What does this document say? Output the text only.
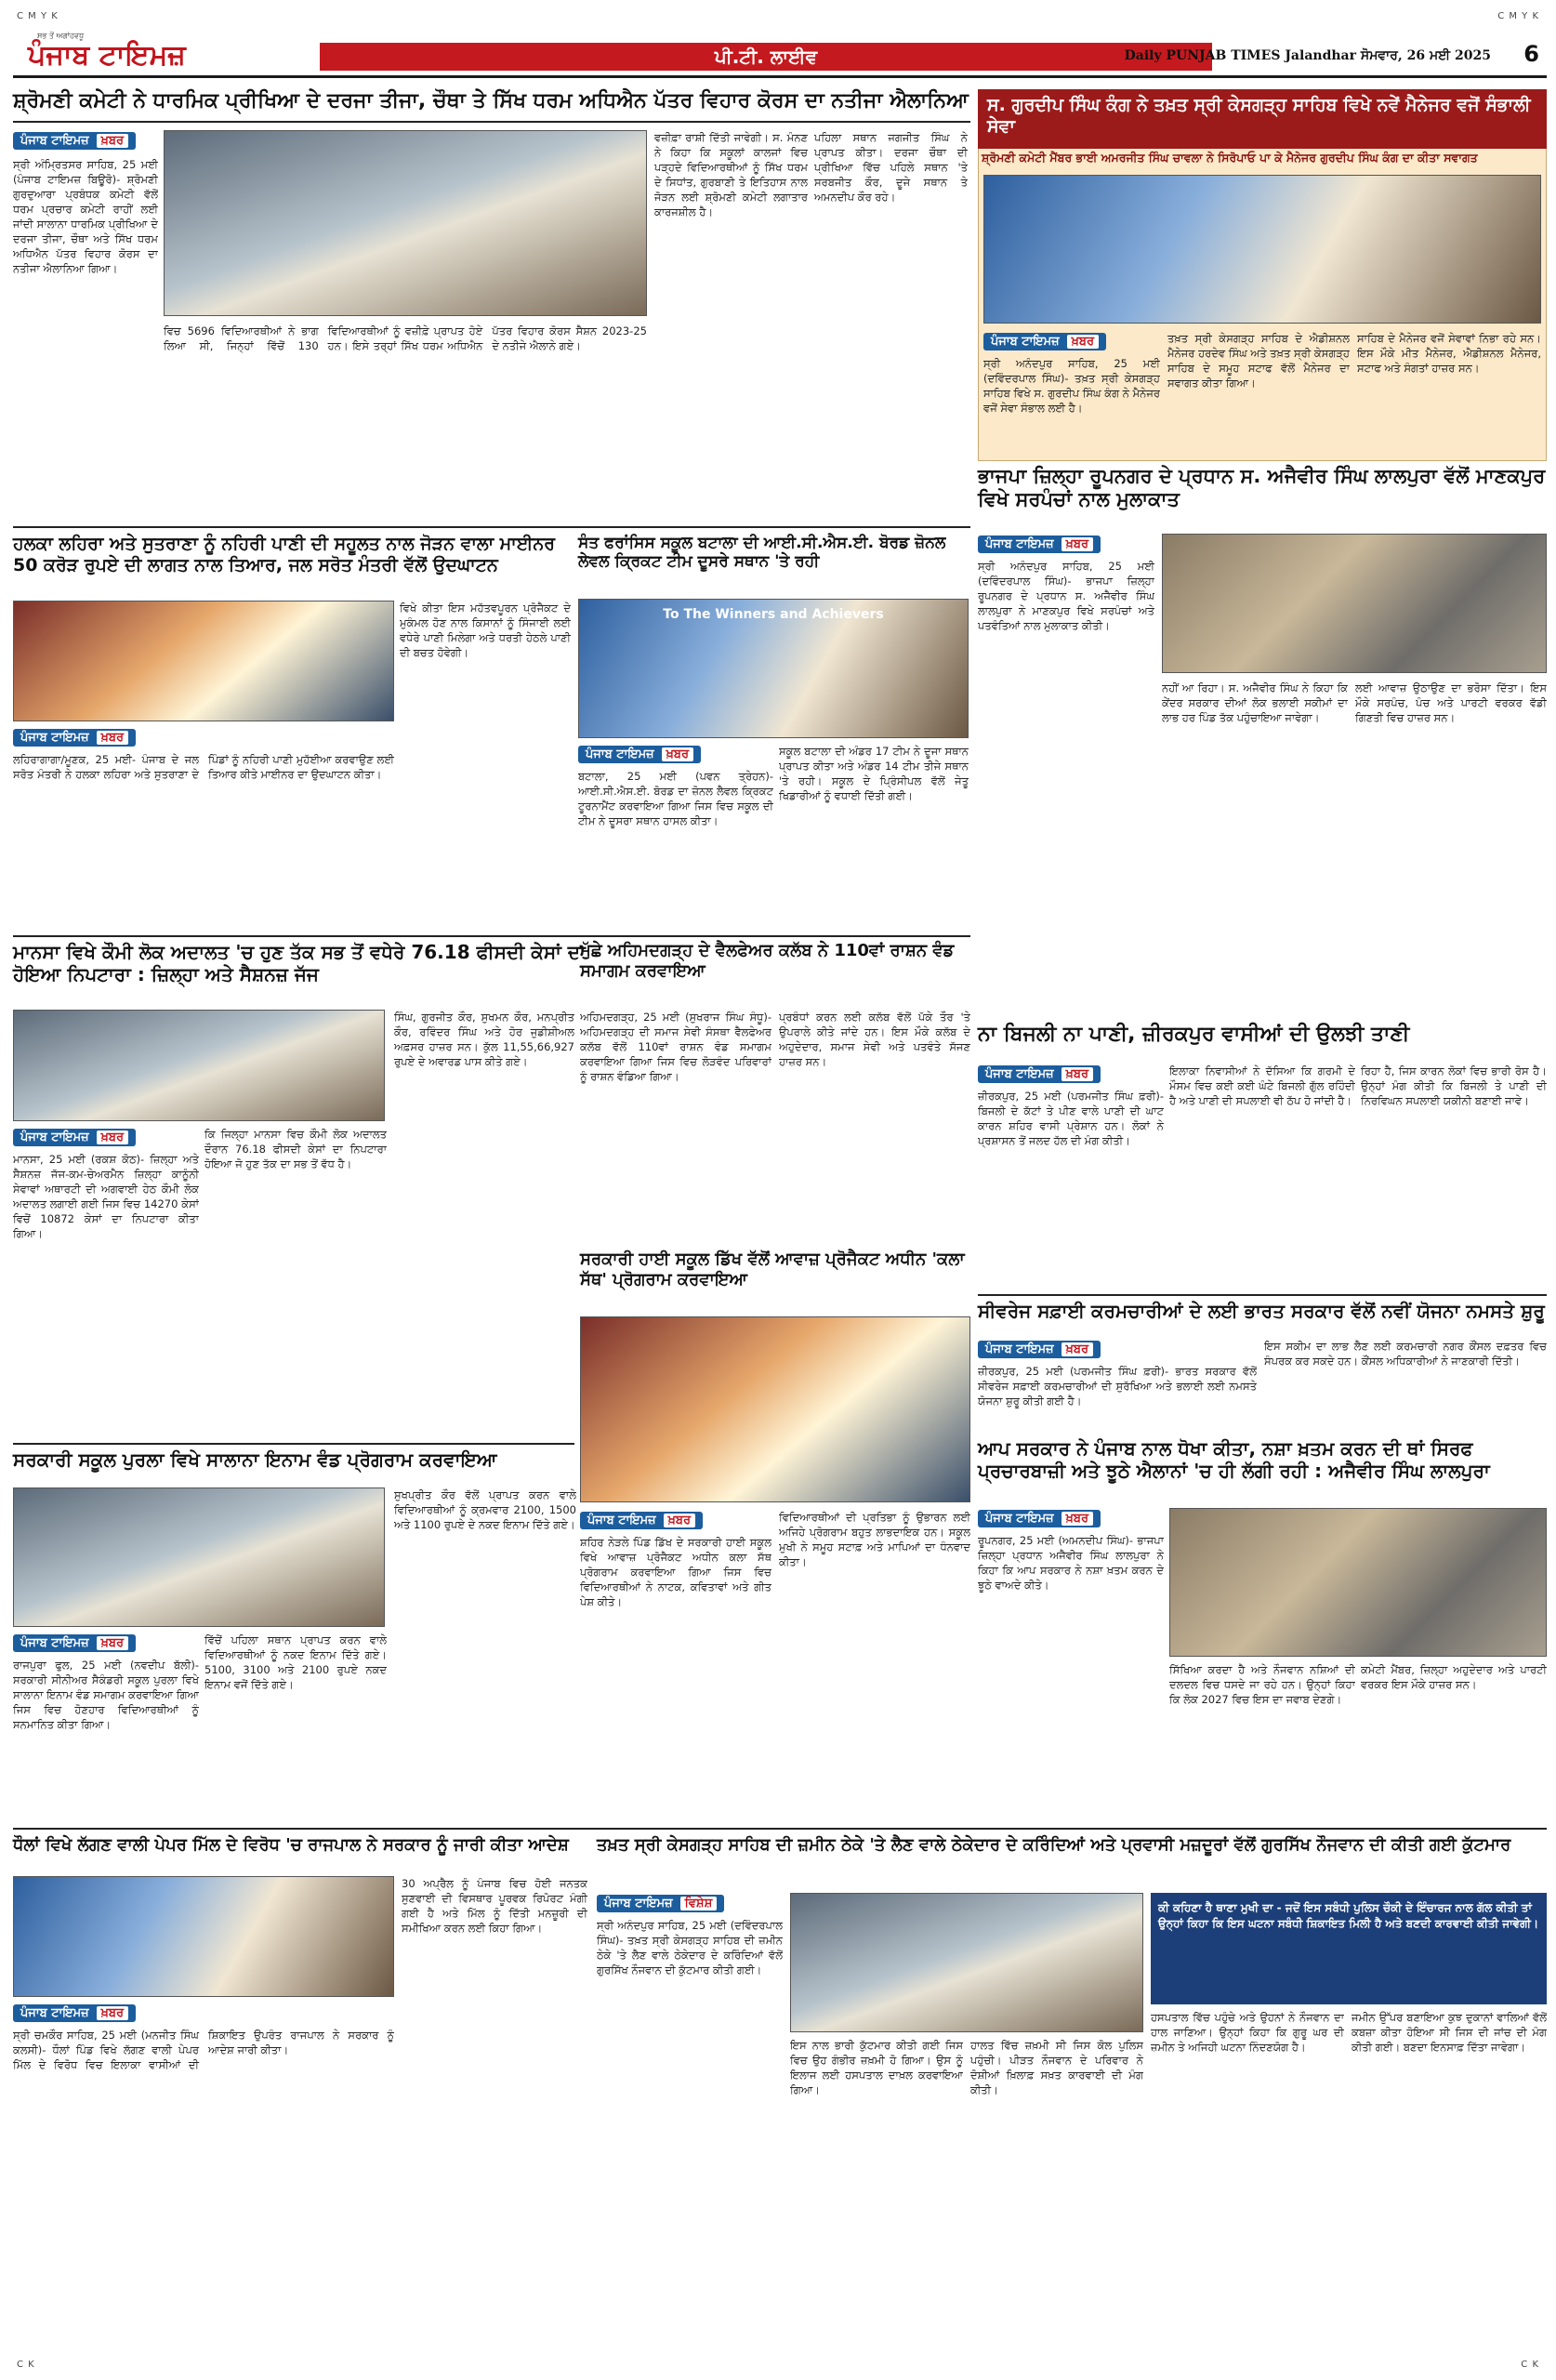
C M Y K	C M Y K
C K	C K
ਸਭ ਤੋਂ ਅਗਾਂਹਵਧੂ
ਪੰਜਾਬ ਟਾਇਮਜ਼	ਪੀ.ਟੀ. ਲਾਈਵ	Daily PUNJAB TIMES Jalandhar ਸੋਮਵਾਰ, 26 ਮਈ 2025 6
ਸ਼੍ਰੋਮਣੀ ਕਮੇਟੀ ਨੇ ਧਾਰਮਿਕ ਪ੍ਰੀਖਿਆ ਦੇ ਦਰਜਾ ਤੀਜਾ, ਚੌਥਾ ਤੇ ਸਿੱਖ ਧਰਮ ਅਧਿਐਨ ਪੱਤਰ ਵਿਹਾਰ ਕੋਰਸ ਦਾ ਨਤੀਜਾ ਐਲਾਨਿਆ
ਪੰਜਾਬ ਟਾਇਮਜ਼	ਖ਼ਬਰ
ਸ੍ਰੀ ਅੰਮ੍ਰਿਤਸਰ ਸਾਹਿਬ, 25 ਮਈ (ਪੰਜਾਬ ਟਾਇਮਜ਼ ਬਿਊਰੋ)- ਸ਼੍ਰੋਮਣੀ ਗੁਰਦੁਆਰਾ ਪ੍ਰਬੰਧਕ ਕਮੇਟੀ ਵੱਲੋਂ ਧਰਮ ਪ੍ਰਚਾਰ ਕਮੇਟੀ ਰਾਹੀਂ ਲਈ ਜਾਂਦੀ ਸਾਲਾਨਾ ਧਾਰਮਿਕ ਪ੍ਰੀਖਿਆ ਦੇ ਦਰਜਾ ਤੀਜਾ, ਚੌਥਾ ਅਤੇ ਸਿੱਖ ਧਰਮ ਅਧਿਐਨ ਪੱਤਰ ਵਿਹਾਰ ਕੋਰਸ ਦਾ ਨਤੀਜਾ ਐਲਾਨਿਆ ਗਿਆ।
ਵਿਚ 5696 ਵਿਦਿਆਰਥੀਆਂ ਨੇ ਭਾਗ ਲਿਆ ਸੀ, ਜਿਨ੍ਹਾਂ ਵਿੱਚੋਂ 130 ਵਿਦਿਆਰਥੀਆਂ ਨੂੰ ਵਜ਼ੀਫ਼ੇ ਪ੍ਰਾਪਤ ਹੋਏ ਹਨ। ਇਸੇ ਤਰ੍ਹਾਂ ਸਿੱਖ ਧਰਮ ਅਧਿਐਨ ਪੱਤਰ ਵਿਹਾਰ ਕੋਰਸ ਸੈਸ਼ਨ 2023-25 ਦੇ ਨਤੀਜੇ ਐਲਾਨੇ ਗਏ।
ਵਜ਼ੀਫ਼ਾ ਰਾਸ਼ੀ ਦਿੱਤੀ ਜਾਵੇਗੀ। ਸ. ਮੰਨਣ ਨੇ ਕਿਹਾ ਕਿ ਸਕੂਲਾਂ ਕਾਲਜਾਂ ਵਿਚ ਪੜ੍ਹਦੇ ਵਿਦਿਆਰਥੀਆਂ ਨੂੰ ਸਿੱਖ ਧਰਮ ਦੇ ਸਿਧਾਂਤ, ਗੁਰਬਾਣੀ ਤੇ ਇਤਿਹਾਸ ਨਾਲ ਜੋੜਨ ਲਈ ਸ਼੍ਰੋਮਣੀ ਕਮੇਟੀ ਲਗਾਤਾਰ ਕਾਰਜਸ਼ੀਲ ਹੈ।
ਪਹਿਲਾ ਸਥਾਨ ਜਗਜੀਤ ਸਿੰਘ ਨੇ ਪ੍ਰਾਪਤ ਕੀਤਾ। ਦਰਜਾ ਚੌਥਾ ਦੀ ਪ੍ਰੀਖਿਆ ਵਿੱਚ ਪਹਿਲੇ ਸਥਾਨ 'ਤੇ ਸਰਬਜੀਤ ਕੌਰ, ਦੂਜੇ ਸਥਾਨ ਤੇ ਅਮਨਦੀਪ ਕੌਰ ਰਹੇ।
ਸ. ਗੁਰਦੀਪ ਸਿੰਘ ਕੰਗ ਨੇ ਤਖ਼ਤ ਸ੍ਰੀ ਕੇਸਗੜ੍ਹ ਸਾਹਿਬ ਵਿਖੇ ਨਵੇਂ ਮੈਨੇਜਰ ਵਜੋਂ ਸੰਭਾਲੀ ਸੇਵਾ
ਸ਼੍ਰੋਮਣੀ ਕਮੇਟੀ ਮੈਂਬਰ ਭਾਈ ਅਮਰਜੀਤ ਸਿੰਘ ਚਾਵਲਾ ਨੇ ਸਿਰੋਪਾਓ ਪਾ ਕੇ ਮੈਨੇਜਰ ਗੁਰਦੀਪ ਸਿੰਘ ਕੰਗ ਦਾ ਕੀਤਾ ਸਵਾਗਤ
ਪੰਜਾਬ ਟਾਇਮਜ਼	ਖ਼ਬਰ
ਸ੍ਰੀ ਅਨੰਦਪੁਰ ਸਾਹਿਬ, 25 ਮਈ (ਦਵਿੰਦਰਪਾਲ ਸਿੰਘ)- ਤਖ਼ਤ ਸ੍ਰੀ ਕੇਸਗੜ੍ਹ ਸਾਹਿਬ ਵਿਖੇ ਸ. ਗੁਰਦੀਪ ਸਿੰਘ ਕੰਗ ਨੇ ਮੈਨੇਜਰ ਵਜੋਂ ਸੇਵਾ ਸੰਭਾਲ ਲਈ ਹੈ।
ਤਖ਼ਤ ਸ੍ਰੀ ਕੇਸਗੜ੍ਹ ਸਾਹਿਬ ਦੇ ਐਡੀਸ਼ਨਲ ਮੈਨੇਜਰ ਹਰਦੇਵ ਸਿੰਘ ਅਤੇ ਤਖ਼ਤ ਸ੍ਰੀ ਕੇਸਗੜ੍ਹ ਸਾਹਿਬ ਦੇ ਸਮੂਹ ਸਟਾਫ ਵੱਲੋਂ ਮੈਨੇਜਰ ਦਾ ਸਵਾਗਤ ਕੀਤਾ ਗਿਆ।
ਸਾਹਿਬ ਦੇ ਮੈਨੇਜਰ ਵਜੋਂ ਸੇਵਾਵਾਂ ਨਿਭਾ ਰਹੇ ਸਨ। ਇਸ ਮੌਕੇ ਮੀਤ ਮੈਨੇਜਰ, ਐਡੀਸ਼ਨਲ ਮੈਨੇਜਰ, ਸਟਾਫ ਅਤੇ ਸੰਗਤਾਂ ਹਾਜ਼ਰ ਸਨ।
ਹਲਕਾ ਲਹਿਰਾ ਅਤੇ ਸੁਤਰਾਣਾ ਨੂੰ ਨਹਿਰੀ ਪਾਣੀ ਦੀ ਸਹੂਲਤ ਨਾਲ ਜੋੜਨ ਵਾਲਾ ਮਾਈਨਰ 50 ਕਰੋੜ ਰੁਪਏ ਦੀ ਲਾਗਤ ਨਾਲ ਤਿਆਰ, ਜਲ ਸਰੋਤ ਮੰਤਰੀ ਵੱਲੋਂ ਉਦਘਾਟਨ
ਪੰਜਾਬ ਟਾਇਮਜ਼	ਖ਼ਬਰ
ਲਹਿਰਾਗਾਗਾ/ਮੂਣਕ, 25 ਮਈ- ਪੰਜਾਬ ਦੇ ਜਲ ਸਰੋਤ ਮੰਤਰੀ ਨੇ ਹਲਕਾ ਲਹਿਰਾ ਅਤੇ ਸੁਤਰਾਣਾ ਦੇ ਪਿੰਡਾਂ ਨੂੰ ਨਹਿਰੀ ਪਾਣੀ ਮੁਹੱਈਆ ਕਰਵਾਉਣ ਲਈ ਤਿਆਰ ਕੀਤੇ ਮਾਈਨਰ ਦਾ ਉਦਘਾਟਨ ਕੀਤਾ।
ਵਿਖੇ ਕੀਤਾ ਇਸ ਮਹੱਤਵਪੂਰਨ ਪ੍ਰੋਜੈਕਟ ਦੇ ਮੁਕੰਮਲ ਹੋਣ ਨਾਲ ਕਿਸਾਨਾਂ ਨੂੰ ਸਿੰਜਾਈ ਲਈ ਵਧੇਰੇ ਪਾਣੀ ਮਿਲੇਗਾ ਅਤੇ ਧਰਤੀ ਹੇਠਲੇ ਪਾਣੀ ਦੀ ਬਚਤ ਹੋਵੇਗੀ।
ਸੰਤ ਫਰਾਂਸਿਸ ਸਕੂਲ ਬਟਾਲਾ ਦੀ ਆਈ.ਸੀ.ਐਸ.ਈ. ਬੋਰਡ ਜ਼ੋਨਲ ਲੇਵਲ ਕ੍ਰਿਕਟ ਟੀਮ ਦੂਸਰੇ ਸਥਾਨ 'ਤੇ ਰਹੀ
To The Winners and Achievers
ਪੰਜਾਬ ਟਾਇਮਜ਼	ਖ਼ਬਰ
ਬਟਾਲਾ, 25 ਮਈ (ਪਵਨ ਤ੍ਰੇਹਨ)- ਆਈ.ਸੀ.ਐਸ.ਈ. ਬੋਰਡ ਦਾ ਜ਼ੋਨਲ ਲੈਵਲ ਕ੍ਰਿਕਟ ਟੂਰਨਾਮੈਂਟ ਕਰਵਾਇਆ ਗਿਆ ਜਿਸ ਵਿਚ ਸਕੂਲ ਦੀ ਟੀਮ ਨੇ ਦੂਸਰਾ ਸਥਾਨ ਹਾਸਲ ਕੀਤਾ।
ਸਕੂਲ ਬਟਾਲਾ ਦੀ ਅੰਡਰ 17 ਟੀਮ ਨੇ ਦੂਜਾ ਸਥਾਨ ਪ੍ਰਾਪਤ ਕੀਤਾ ਅਤੇ ਅੰਡਰ 14 ਟੀਮ ਤੀਜੇ ਸਥਾਨ 'ਤੇ ਰਹੀ। ਸਕੂਲ ਦੇ ਪ੍ਰਿੰਸੀਪਲ ਵੱਲੋਂ ਜੇਤੂ ਖਿਡਾਰੀਆਂ ਨੂੰ ਵਧਾਈ ਦਿੱਤੀ ਗਈ।
ਭਾਜਪਾ ਜ਼ਿਲ੍ਹਾ ਰੂਪਨਗਰ ਦੇ ਪ੍ਰਧਾਨ ਸ. ਅਜੈਵੀਰ ਸਿੰਘ ਲਾਲਪੁਰਾ ਵੱਲੋਂ ਮਾਣਕਪੁਰ ਵਿਖੇ ਸਰਪੰਚਾਂ ਨਾਲ ਮੁਲਾਕਾਤ
ਪੰਜਾਬ ਟਾਇਮਜ਼	ਖ਼ਬਰ
ਸ੍ਰੀ ਅਨੰਦਪੁਰ ਸਾਹਿਬ, 25 ਮਈ (ਦਵਿੰਦਰਪਾਲ ਸਿੰਘ)- ਭਾਜਪਾ ਜ਼ਿਲ੍ਹਾ ਰੂਪਨਗਰ ਦੇ ਪ੍ਰਧਾਨ ਸ. ਅਜੈਵੀਰ ਸਿੰਘ ਲਾਲਪੁਰਾ ਨੇ ਮਾਣਕਪੁਰ ਵਿਖੇ ਸਰਪੰਚਾਂ ਅਤੇ ਪਤਵੰਤਿਆਂ ਨਾਲ ਮੁਲਾਕਾਤ ਕੀਤੀ।
ਨਹੀਂ ਆ ਰਿਹਾ। ਸ. ਅਜੈਵੀਰ ਸਿੰਘ ਨੇ ਕਿਹਾ ਕਿ ਕੇਂਦਰ ਸਰਕਾਰ ਦੀਆਂ ਲੋਕ ਭਲਾਈ ਸਕੀਮਾਂ ਦਾ ਲਾਭ ਹਰ ਪਿੰਡ ਤੱਕ ਪਹੁੰਚਾਇਆ ਜਾਵੇਗਾ।
ਲਈ ਆਵਾਜ਼ ਉਠਾਉਣ ਦਾ ਭਰੋਸਾ ਦਿੱਤਾ। ਇਸ ਮੌਕੇ ਸਰਪੰਚ, ਪੰਚ ਅਤੇ ਪਾਰਟੀ ਵਰਕਰ ਵੱਡੀ ਗਿਣਤੀ ਵਿਚ ਹਾਜ਼ਰ ਸਨ।
ਮਾਨਸਾ ਵਿਖੇ ਕੌਮੀ ਲੋਕ ਅਦਾਲਤ 'ਚ ਹੁਣ ਤੱਕ ਸਭ ਤੋਂ ਵਧੇਰੇ 76.18 ਫੀਸਦੀ ਕੇਸਾਂ ਦਾ ਹੋਇਆ ਨਿਪਟਾਰਾ : ਜ਼ਿਲ੍ਹਾ ਅਤੇ ਸੈਸ਼ਨਜ਼ ਜੱਜ
ਪੰਜਾਬ ਟਾਇਮਜ਼	ਖ਼ਬਰ
ਮਾਨਸਾ, 25 ਮਈ (ਰਕਸ਼ ਕੋਠ)- ਜ਼ਿਲ੍ਹਾ ਅਤੇ ਸੈਸ਼ਨਜ਼ ਜੱਜ-ਕਮ-ਚੇਅਰਮੈਨ ਜ਼ਿਲ੍ਹਾ ਕਾਨੂੰਨੀ ਸੇਵਾਵਾਂ ਅਥਾਰਟੀ ਦੀ ਅਗਵਾਈ ਹੇਠ ਕੌਮੀ ਲੋਕ ਅਦਾਲਤ ਲਗਾਈ ਗਈ ਜਿਸ ਵਿਚ 14270 ਕੇਸਾਂ ਵਿਚੋਂ 10872 ਕੇਸਾਂ ਦਾ ਨਿਪਟਾਰਾ ਕੀਤਾ ਗਿਆ।
ਕਿ ਜਿਲ੍ਹਾ ਮਾਨਸਾ ਵਿਚ ਕੌਮੀ ਲੋਕ ਅਦਾਲਤ ਦੌਰਾਨ 76.18 ਫੀਸਦੀ ਕੇਸਾਂ ਦਾ ਨਿਪਟਾਰਾ ਹੋਇਆ ਜੋ ਹੁਣ ਤੱਕ ਦਾ ਸਭ ਤੋਂ ਵੱਧ ਹੈ।
ਸਿੰਘ, ਗੁਰਜੀਤ ਕੌਰ, ਸੁਖਮਨ ਕੌਰ, ਮਨਪ੍ਰੀਤ ਕੌਰ, ਰਵਿੰਦਰ ਸਿੰਘ ਅਤੇ ਹੋਰ ਜੁਡੀਸ਼ੀਅਲ ਅਫ਼ਸਰ ਹਾਜ਼ਰ ਸਨ। ਕੁੱਲ 11,55,66,927 ਰੁਪਏ ਦੇ ਅਵਾਰਡ ਪਾਸ ਕੀਤੇ ਗਏ।
ਮੁੱਛੇ ਅਹਿਮਦਗੜ੍ਹ ਦੇ ਵੈਲਫੇਅਰ ਕਲੱਬ ਨੇ 110ਵਾਂ ਰਾਸ਼ਨ ਵੰਡ ਸਮਾਗਮ ਕਰਵਾਇਆ
ਅਹਿਮਦਗੜ੍ਹ, 25 ਮਈ (ਸੁਖਰਾਜ ਸਿੰਘ ਸੰਧੂ)- ਅਹਿਮਦਗੜ੍ਹ ਦੀ ਸਮਾਜ ਸੇਵੀ ਸੰਸਥਾ ਵੈਲਫੇਅਰ ਕਲੱਬ ਵੱਲੋਂ 110ਵਾਂ ਰਾਸ਼ਨ ਵੰਡ ਸਮਾਗਮ ਕਰਵਾਇਆ ਗਿਆ ਜਿਸ ਵਿਚ ਲੋੜਵੰਦ ਪਰਿਵਾਰਾਂ ਨੂੰ ਰਾਸ਼ਨ ਵੰਡਿਆ ਗਿਆ।
ਪ੍ਰਬੰਧਾਂ ਕਰਨ ਲਈ ਕਲੱਬ ਵੱਲੋਂ ਪੱਕੇ ਤੌਰ 'ਤੇ ਉਪਰਾਲੇ ਕੀਤੇ ਜਾਂਦੇ ਹਨ। ਇਸ ਮੌਕੇ ਕਲੱਬ ਦੇ ਅਹੁਦੇਦਾਰ, ਸਮਾਜ ਸੇਵੀ ਅਤੇ ਪਤਵੰਤੇ ਸੱਜਣ ਹਾਜ਼ਰ ਸਨ।
ਸਰਕਾਰੀ ਹਾਈ ਸਕੂਲ ਡਿੱਖ ਵੱਲੋਂ ਆਵਾਜ਼ ਪ੍ਰੋਜੈਕਟ ਅਧੀਨ 'ਕਲਾ ਸੱਥ' ਪ੍ਰੋਗਰਾਮ ਕਰਵਾਇਆ
ਨਾ ਬਿਜਲੀ ਨਾ ਪਾਣੀ, ਜ਼ੀਰਕਪੁਰ ਵਾਸੀਆਂ ਦੀ ਉਲਝੀ ਤਾਣੀ
ਪੰਜਾਬ ਟਾਇਮਜ਼	ਖ਼ਬਰ
ਜ਼ੀਰਕਪੁਰ, 25 ਮਈ (ਪਰਮਜੀਤ ਸਿੰਘ ਫ਼ਰੀ)- ਬਿਜਲੀ ਦੇ ਕੱਟਾਂ ਤੇ ਪੀਣ ਵਾਲੇ ਪਾਣੀ ਦੀ ਘਾਟ ਕਾਰਨ ਸ਼ਹਿਰ ਵਾਸੀ ਪ੍ਰੇਸ਼ਾਨ ਹਨ। ਲੋਕਾਂ ਨੇ ਪ੍ਰਸ਼ਾਸਨ ਤੋਂ ਜਲਦ ਹੱਲ ਦੀ ਮੰਗ ਕੀਤੀ।
ਇਲਾਕਾ ਨਿਵਾਸੀਆਂ ਨੇ ਦੱਸਿਆ ਕਿ ਗਰਮੀ ਦੇ ਮੌਸਮ ਵਿਚ ਕਈ ਕਈ ਘੰਟੇ ਬਿਜਲੀ ਗੁੱਲ ਰਹਿੰਦੀ ਹੈ ਅਤੇ ਪਾਣੀ ਦੀ ਸਪਲਾਈ ਵੀ ਠੱਪ ਹੋ ਜਾਂਦੀ ਹੈ।
ਰਿਹਾ ਹੈ, ਜਿਸ ਕਾਰਨ ਲੋਕਾਂ ਵਿਚ ਭਾਰੀ ਰੋਸ ਹੈ। ਉਨ੍ਹਾਂ ਮੰਗ ਕੀਤੀ ਕਿ ਬਿਜਲੀ ਤੇ ਪਾਣੀ ਦੀ ਨਿਰਵਿਘਨ ਸਪਲਾਈ ਯਕੀਨੀ ਬਣਾਈ ਜਾਵੇ।
ਸੀਵਰੇਜ ਸਫ਼ਾਈ ਕਰਮਚਾਰੀਆਂ ਦੇ ਲਈ ਭਾਰਤ ਸਰਕਾਰ ਵੱਲੋਂ ਨਵੀਂ ਯੋਜਨਾ ਨਮਸਤੇ ਸ਼ੁਰੂ
ਪੰਜਾਬ ਟਾਇਮਜ਼	ਖ਼ਬਰ
ਜ਼ੀਰਕਪੁਰ, 25 ਮਈ (ਪਰਮਜੀਤ ਸਿੰਘ ਫ਼ਰੀ)- ਭਾਰਤ ਸਰਕਾਰ ਵੱਲੋਂ ਸੀਵਰੇਜ ਸਫ਼ਾਈ ਕਰਮਚਾਰੀਆਂ ਦੀ ਸੁਰੱਖਿਆ ਅਤੇ ਭਲਾਈ ਲਈ ਨਮਸਤੇ ਯੋਜਨਾ ਸ਼ੁਰੂ ਕੀਤੀ ਗਈ ਹੈ।
ਇਸ ਸਕੀਮ ਦਾ ਲਾਭ ਲੈਣ ਲਈ ਕਰਮਚਾਰੀ ਨਗਰ ਕੌਂਸਲ ਦਫ਼ਤਰ ਵਿਚ ਸੰਪਰਕ ਕਰ ਸਕਦੇ ਹਨ। ਕੌਂਸਲ ਅਧਿਕਾਰੀਆਂ ਨੇ ਜਾਣਕਾਰੀ ਦਿੱਤੀ।
ਸਰਕਾਰੀ ਸਕੂਲ ਪੁਰਲਾ ਵਿਖੇ ਸਾਲਾਨਾ ਇਨਾਮ ਵੰਡ ਪ੍ਰੋਗਰਾਮ ਕਰਵਾਇਆ
ਪੰਜਾਬ ਟਾਇਮਜ਼	ਖ਼ਬਰ
ਰਾਜਪੁਰਾ ਫੁਲ, 25 ਮਈ (ਨਵਦੀਪ ਬੱਲੀ)- ਸਰਕਾਰੀ ਸੀਨੀਅਰ ਸੈਕੰਡਰੀ ਸਕੂਲ ਪੁਰਲਾ ਵਿਖੇ ਸਾਲਾਨਾ ਇਨਾਮ ਵੰਡ ਸਮਾਗਮ ਕਰਵਾਇਆ ਗਿਆ ਜਿਸ ਵਿਚ ਹੋਣਹਾਰ ਵਿਦਿਆਰਥੀਆਂ ਨੂੰ ਸਨਮਾਨਿਤ ਕੀਤਾ ਗਿਆ।
ਵਿੱਚੋਂ ਪਹਿਲਾ ਸਥਾਨ ਪ੍ਰਾਪਤ ਕਰਨ ਵਾਲੇ ਵਿਦਿਆਰਥੀਆਂ ਨੂੰ ਨਕਦ ਇਨਾਮ ਦਿੱਤੇ ਗਏ। 5100, 3100 ਅਤੇ 2100 ਰੁਪਏ ਨਕਦ ਇਨਾਮ ਵਜੋਂ ਦਿੱਤੇ ਗਏ।
ਸੁਖਪ੍ਰੀਤ ਕੌਰ ਵੱਲੋਂ ਪ੍ਰਾਪਤ ਕਰਨ ਵਾਲੇ ਵਿਦਿਆਰਥੀਆਂ ਨੂੰ ਕ੍ਰਮਵਾਰ 2100, 1500 ਅਤੇ 1100 ਰੁਪਏ ਦੇ ਨਕਦ ਇਨਾਮ ਦਿੱਤੇ ਗਏ। ਪੰਜਾਬ ਟਾਇਮਜ਼	ਖ਼ਬਰ
ਸ਼ਹਿਰ ਨੇੜਲੇ ਪਿੰਡ ਡਿੱਖ ਦੇ ਸਰਕਾਰੀ ਹਾਈ ਸਕੂਲ ਵਿਖੇ ਆਵਾਜ਼ ਪ੍ਰੋਜੈਕਟ ਅਧੀਨ ਕਲਾ ਸੱਥ ਪ੍ਰੋਗਰਾਮ ਕਰਵਾਇਆ ਗਿਆ ਜਿਸ ਵਿਚ ਵਿਦਿਆਰਥੀਆਂ ਨੇ ਨਾਟਕ, ਕਵਿਤਾਵਾਂ ਅਤੇ ਗੀਤ ਪੇਸ਼ ਕੀਤੇ।
ਵਿਦਿਆਰਥੀਆਂ ਦੀ ਪ੍ਰਤਿਭਾ ਨੂੰ ਉਭਾਰਨ ਲਈ ਅਜਿਹੇ ਪ੍ਰੋਗਰਾਮ ਬਹੁਤ ਲਾਭਦਾਇਕ ਹਨ। ਸਕੂਲ ਮੁਖੀ ਨੇ ਸਮੂਹ ਸਟਾਫ਼ ਅਤੇ ਮਾਪਿਆਂ ਦਾ ਧੰਨਵਾਦ ਕੀਤਾ।
ਆਪ ਸਰਕਾਰ ਨੇ ਪੰਜਾਬ ਨਾਲ ਧੋਖਾ ਕੀਤਾ, ਨਸ਼ਾ ਖ਼ਤਮ ਕਰਨ ਦੀ ਥਾਂ ਸਿਰਫ ਪ੍ਰਚਾਰਬਾਜ਼ੀ ਅਤੇ ਝੂਠੇ ਐਲਾਨਾਂ 'ਚ ਹੀ ਲੱਗੀ ਰਹੀ : ਅਜੈਵੀਰ ਸਿੰਘ ਲਾਲਪੁਰਾ
ਪੰਜਾਬ ਟਾਇਮਜ਼	ਖ਼ਬਰ
ਰੂਪਨਗਰ, 25 ਮਈ (ਅਮਨਦੀਪ ਸਿੰਘ)- ਭਾਜਪਾ ਜ਼ਿਲ੍ਹਾ ਪ੍ਰਧਾਨ ਅਜੈਵੀਰ ਸਿੰਘ ਲਾਲਪੁਰਾ ਨੇ ਕਿਹਾ ਕਿ ਆਪ ਸਰਕਾਰ ਨੇ ਨਸ਼ਾ ਖ਼ਤਮ ਕਰਨ ਦੇ ਝੂਠੇ ਵਾਅਦੇ ਕੀਤੇ।
ਸਿੱਖਿਆ ਕਰਦਾ ਹੈ ਅਤੇ ਨੌਜਵਾਨ ਨਸ਼ਿਆਂ ਦੀ ਦਲਦਲ ਵਿਚ ਧਸਦੇ ਜਾ ਰਹੇ ਹਨ। ਉਨ੍ਹਾਂ ਕਿਹਾ ਕਿ ਲੋਕ 2027 ਵਿਚ ਇਸ ਦਾ ਜਵਾਬ ਦੇਣਗੇ।
ਕਮੇਟੀ ਮੈਂਬਰ, ਜ਼ਿਲ੍ਹਾ ਅਹੁਦੇਦਾਰ ਅਤੇ ਪਾਰਟੀ ਵਰਕਰ ਇਸ ਮੌਕੇ ਹਾਜ਼ਰ ਸਨ।
ਧੌਲਾਂ ਵਿਖੇ ਲੱਗਣ ਵਾਲੀ ਪੇਪਰ ਮਿੱਲ ਦੇ ਵਿਰੋਧ 'ਚ ਰਾਜਪਾਲ ਨੇ ਸਰਕਾਰ ਨੂੰ ਜਾਰੀ ਕੀਤਾ ਆਦੇਸ਼
ਪੰਜਾਬ ਟਾਇਮਜ਼	ਖ਼ਬਰ
ਸ੍ਰੀ ਚਮਕੌਰ ਸਾਹਿਬ, 25 ਮਈ (ਮਨਜੀਤ ਸਿੰਘ ਕਲਸੀ)- ਧੌਲਾਂ ਪਿੰਡ ਵਿਖੇ ਲੱਗਣ ਵਾਲੀ ਪੇਪਰ ਮਿੱਲ ਦੇ ਵਿਰੋਧ ਵਿਚ ਇਲਾਕਾ ਵਾਸੀਆਂ ਦੀ ਸ਼ਿਕਾਇਤ ਉਪਰੰਤ ਰਾਜਪਾਲ ਨੇ ਸਰਕਾਰ ਨੂੰ ਆਦੇਸ਼ ਜਾਰੀ ਕੀਤਾ।
30 ਅਪ੍ਰੈਲ ਨੂੰ ਪੰਜਾਬ ਵਿਚ ਹੋਈ ਜਨਤਕ ਸੁਣਵਾਈ ਦੀ ਵਿਸਥਾਰ ਪੂਰਵਕ ਰਿਪੋਰਟ ਮੰਗੀ ਗਈ ਹੈ ਅਤੇ ਮਿੱਲ ਨੂੰ ਦਿੱਤੀ ਮਨਜ਼ੂਰੀ ਦੀ ਸਮੀਖਿਆ ਕਰਨ ਲਈ ਕਿਹਾ ਗਿਆ।
ਤਖ਼ਤ ਸ੍ਰੀ ਕੇਸਗੜ੍ਹ ਸਾਹਿਬ ਦੀ ਜ਼ਮੀਨ ਠੇਕੇ 'ਤੇ ਲੈਣ ਵਾਲੇ ਠੇਕੇਦਾਰ ਦੇ ਕਰਿੰਦਿਆਂ ਅਤੇ ਪ੍ਰਵਾਸੀ ਮਜ਼ਦੂਰਾਂ ਵੱਲੋਂ ਗੁਰਸਿੱਖ ਨੌਜਵਾਨ ਦੀ ਕੀਤੀ ਗਈ ਕੁੱਟਮਾਰ
ਪੰਜਾਬ ਟਾਇਮਜ਼	ਵਿਸ਼ੇਸ਼
ਸ੍ਰੀ ਅਨੰਦਪੁਰ ਸਾਹਿਬ, 25 ਮਈ (ਦਵਿੰਦਰਪਾਲ ਸਿੰਘ)- ਤਖ਼ਤ ਸ੍ਰੀ ਕੇਸਗੜ੍ਹ ਸਾਹਿਬ ਦੀ ਜ਼ਮੀਨ ਠੇਕੇ 'ਤੇ ਲੈਣ ਵਾਲੇ ਠੇਕੇਦਾਰ ਦੇ ਕਰਿੰਦਿਆਂ ਵੱਲੋਂ ਗੁਰਸਿੱਖ ਨੌਜਵਾਨ ਦੀ ਕੁੱਟਮਾਰ ਕੀਤੀ ਗਈ।
ਇਸ ਨਾਲ ਭਾਰੀ ਕੁੱਟਮਾਰ ਕੀਤੀ ਗਈ ਜਿਸ ਵਿਚ ਉਹ ਗੰਭੀਰ ਜ਼ਖ਼ਮੀ ਹੋ ਗਿਆ। ਉਸ ਨੂੰ ਇਲਾਜ ਲਈ ਹਸਪਤਾਲ ਦਾਖ਼ਲ ਕਰਵਾਇਆ ਗਿਆ।
ਹਾਲਤ ਵਿੱਚ ਜ਼ਖ਼ਮੀ ਸੀ ਜਿਸ ਕੋਲ ਪੁਲਿਸ ਪਹੁੰਚੀ। ਪੀੜਤ ਨੌਜਵਾਨ ਦੇ ਪਰਿਵਾਰ ਨੇ ਦੋਸ਼ੀਆਂ ਖ਼ਿਲਾਫ਼ ਸਖ਼ਤ ਕਾਰਵਾਈ ਦੀ ਮੰਗ ਕੀਤੀ।
ਕੀ ਕਹਿਣਾ ਹੈ ਥਾਣਾ ਮੁਖੀ ਦਾ - ਜਦੋਂ ਇਸ ਸਬੰਧੀ ਪੁਲਿਸ ਚੌਕੀ ਦੇ ਇੰਚਾਰਜ ਨਾਲ ਗੱਲ ਕੀਤੀ ਤਾਂ ਉਨ੍ਹਾਂ ਕਿਹਾ ਕਿ ਇਸ ਘਟਨਾ ਸਬੰਧੀ ਸ਼ਿਕਾਇਤ ਮਿਲੀ ਹੈ ਅਤੇ ਬਣਦੀ ਕਾਰਵਾਈ ਕੀਤੀ ਜਾਵੇਗੀ।
ਹਸਪਤਾਲ ਵਿੱਚ ਪਹੁੰਚੇ ਅਤੇ ਉਹਨਾਂ ਨੇ ਨੌਜਵਾਨ ਦਾ ਹਾਲ ਜਾਣਿਆ। ਉਨ੍ਹਾਂ ਕਿਹਾ ਕਿ ਗੁਰੂ ਘਰ ਦੀ ਜ਼ਮੀਨ ਤੇ ਅਜਿਹੀ ਘਟਨਾ ਨਿੰਦਣਯੋਗ ਹੈ।
ਜਮੀਨ ਉੱਪਰ ਬਣਾਇਆ ਕੁਝ ਦੁਕਾਨਾਂ ਵਾਲਿਆਂ ਵੱਲੋਂ ਕਬਜ਼ਾ ਕੀਤਾ ਹੋਇਆ ਸੀ ਜਿਸ ਦੀ ਜਾਂਚ ਦੀ ਮੰਗ ਕੀਤੀ ਗਈ। ਬਣਦਾ ਇਨਸਾਫ਼ ਦਿੱਤਾ ਜਾਵੇਗਾ।
